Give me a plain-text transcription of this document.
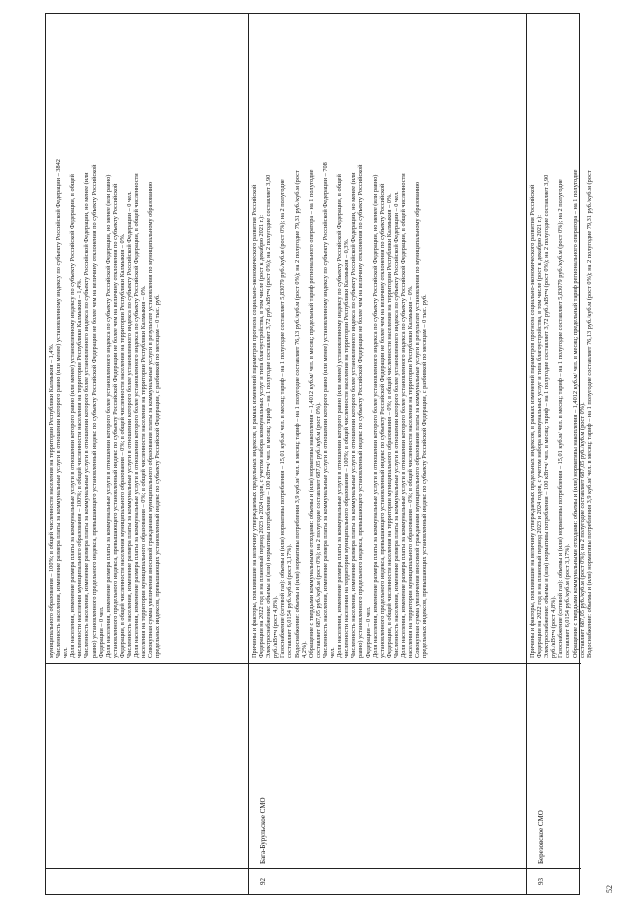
муниципального образования – 100%; в общей численности населения на территории Республики Калмыкия – 1,4%. Численность населения, изменение размера платы за коммунальные услуги в отношении которого равно (или менее) установленному индексу по субъекту Российской Федерации – 3842 чел. Доля населения, изменение размера платы за коммунальные услуги в отношении которого равно (или менее) установленному индексу по субъекту Российской Федерации, в общей численности населения муниципального образования – 100%; в общей численности населения на территории Республики Калмыкия – 1,4%. Численность населения, изменение размера платы за коммунальные услуги в отношении которого более установленного индекса по субъекту Российской Федерации, но менее (или равно) установленного предельного индекса, превышающего установленный индекс по субъекту Российской Федерации не более чем на величину отклонения по субъекту Российской Федерации – 0 чел. Доля населения, изменение размера платы за коммунальные услуги в отношении которого более установленного индекса по субъекту Российской Федерации, но менее (или равно) установленного предельного индекса, превышающего установленный индекс по субъекту Российской Федерации не более чем на величину отклонения по субъекту Российской Федерации, в общей численности населения муниципального образования – 0%; в общей численности населения на территории Республики Калмыкия – 0%. Численность населения, изменение размера платы за коммунальные услуги в отношении которого более установленного индекса по субъекту Российской Федерации – 0 чел. Доля населения, изменение размера платы за коммунальные услуги в отношении которого более установленного индекса по субъекту Российской Федерации, в общей численности населения на территории муниципального образования – 0%; в общей численности населения на территории Республики Калмыкия – 0%. Совокупная сумма увеличения вносимой гражданами муниципального образования платы за коммунальные услуги в результате установления по муниципальному образованию предельных индексов, превышающих установленный индекс по субъекту Российской Федерации, с разбивкой по месяцам – 0 тыс. руб.
92
Бага-Бурульское СМО
Причины и факторы, повлиявшие на величину утверждаемых предельных индексов, в рамках изменений параметров прогноза социально-экономического развития Российской Федерации на 2022 год и на плановый период 2023 и 2024 годов, с учетом набора коммунальных услуг и типа благоустройства, в том числе (рост к декабрю 2021 г.): Электроснабжение: объемы и (или) нормативы потребления – 100 кВт•ч/ чел. в месяц; тариф – на 1 полугодие составляет 3,72 руб./кВт•ч (рост 0%); на 2 полугодие составляет 3,90 руб./кВт•ч (рост 4,8%). Газоснабжение (сетевой газ): объемы и (или) нормативы потребления – 15,01 куб.м/ чел. в месяц; тариф – на 1 полугодие составляет 5,83079 руб./куб.м (рост 0%); на 2 полугодие составляет 6,0154 руб./куб.м (рост 3,17%). Водоснабжение: объемы и (или) нормативы потребления 3,9 куб.м/ чел. в месяц; тариф – на 1 полугодие составляет 76,13 руб./куб.м (рост 0%); на 2 полугодие 79,31 руб./куб.м (рост 4,2%). Обращение с твердыми коммунальными отходами: объемы и (или) нормативы накопления – 1,4012 куб.м/ чел. в месяц; предельный тариф регионального оператора – на 1 полугодие составляет 687,05 руб./куб.м (рост 0%); на 2 полугодие составляет 687,05 руб./куб.м (рост 0%). Численность населения, изменение размера платы за коммунальные услуги в отношении которого равно (или менее) установленному индексу по субъекту Российской Федерации – 708 чел. Доля населения, изменение размера платы за коммунальные услуги в отношении которого равно (или менее) установленному индексу по субъекту Российской Федерации, в общей численности населения на территории муниципального образования – 100%; в общей численности населения на территории Республики Калмыкия – 0,3%. Численность населения, изменение размера платы за коммунальные услуги в отношении которого более установленного индекса по субъекту Российской Федерации, но менее (или равно) установленного предельного индекса, превышающего установленный индекс по субъекту Российской Федерации не более чем на величину отклонения по субъекту Российской Федерации – 0 чел. Доля населения, изменение размера платы за коммунальные услуги в отношении которого более установленного индекса по субъекту Российской Федерации, но менее (или равно) установленного предельного индекса, превышающего установленный индекс по субъекту Российской Федерации не более чем на величину отклонения по субъекту Российской Федерации, в общей численности населения на территории муниципального образования – 0%; в общей численности населения на территории Республики Калмыкия – 0%. Численность населения, изменение размера платы за коммунальные услуги в отношении которого более установленного индекса по субъекту Российской Федерации – 0 чел. Доля населения, изменение размера платы за коммунальные услуги в отношении которого более установленного индекса по субъекту Российской Федерации, в общей численности населения на территории муниципального образования – 0%; в общей численности населения на территории Республики Калмыкия – 0%. Совокупная сумма увеличения вносимой гражданами муниципального образования платы за коммунальные услуги в результате установления по муниципальному образованию предельных индексов, превышающих установленный индекс по субъекту Российской Федерации, с разбивкой по месяцам – 0 тыс. руб.
93
Березовское СМО
Причины и факторы, повлиявшие на величину утверждаемых предельных индексов, в рамках изменений параметров прогноза социально-экономического развития Российской Федерации на 2022 год и на плановый период 2023 и 2024 годов, с учетом набора коммунальных услуг и типа благоустройства, в том числе (рост к декабрю 2021 г.): Электроснабжение: объемы и (или) нормативы потребления – 100 кВт•ч/ чел. в месяц; тариф – на 1 полугодие составляет 3,72 руб./кВт•ч (рост 0%); на 2 полугодие составляет 3,90 руб./кВт•ч (рост 4,8%). Газоснабжение (сетевой газ): объемы и (или) нормативы потребления – 15,01 куб.м/ чел. в месяц; тариф – на 1 полугодие составляет 5,83079 руб./куб.м (рост 0%); на 2 полугодие составляет 6,0154 руб./куб.м (рост 3,17%). Обращение с твердыми коммунальными отходами: объемы и (или) нормативы накопления – 1,4012 куб.м/ чел. в месяц; предельный тариф регионального оператора – на 1 полугодие составляет 687,05 руб./куб.м (рост 0%); на 2 полугодие составляет 687,05 руб./куб.м (рост 0%). Водоснабжение: объемы и (или) нормативы потребления 3,9 куб.м/ чел. в месяц; тариф – на 1 полугодие составляет 76,13 руб./куб.м (рост 0%); на 2 полугодие 79,31 руб./куб.м (рост
52
